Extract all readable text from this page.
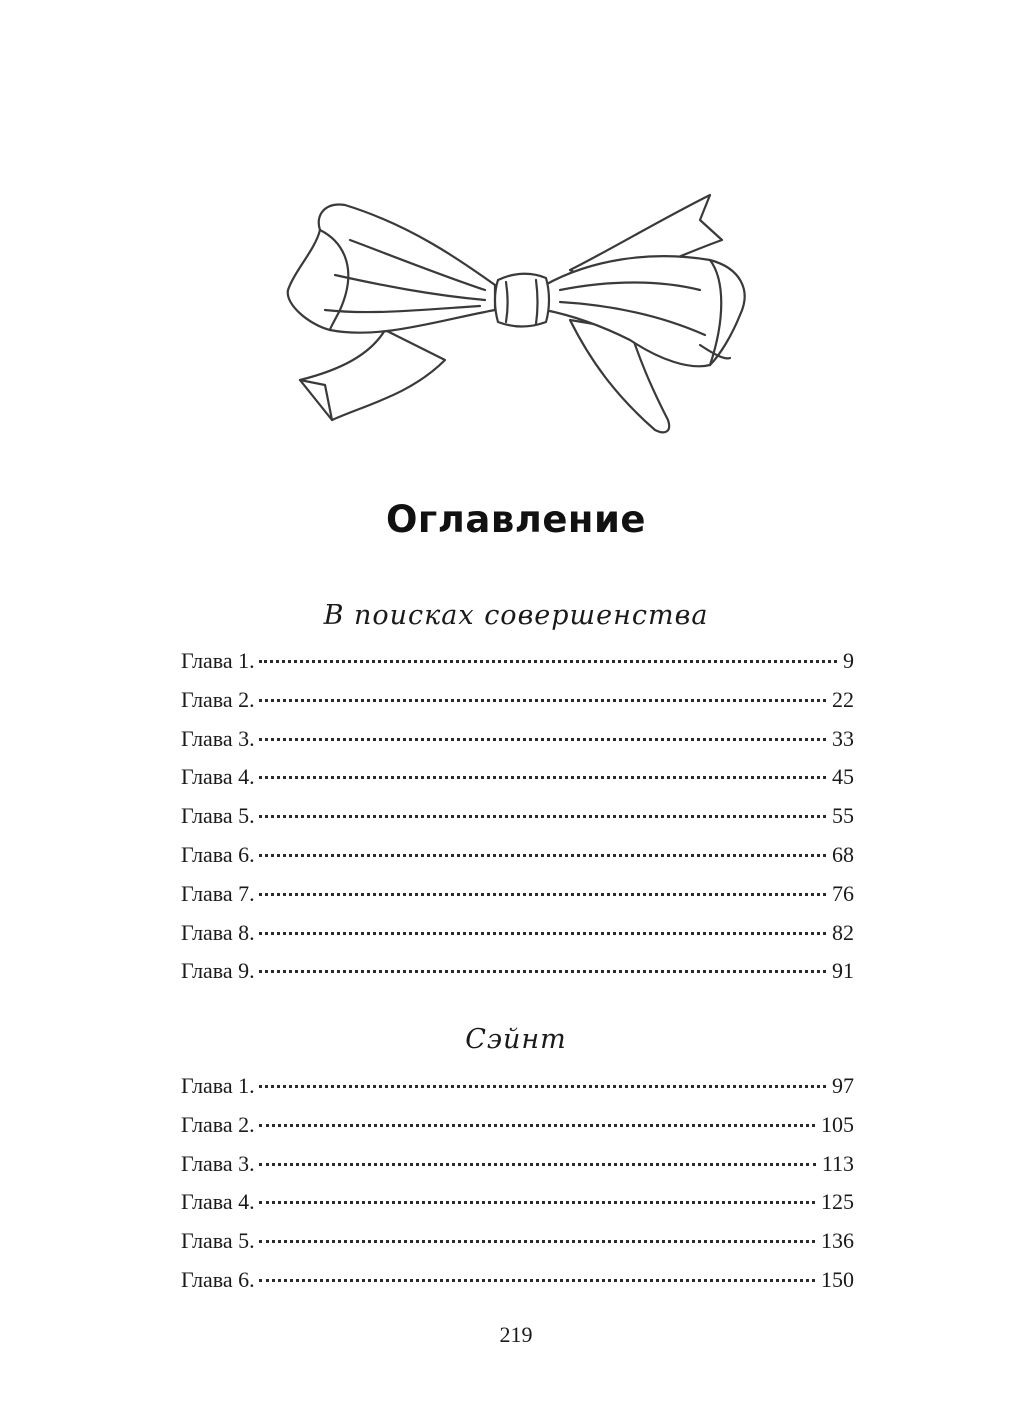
Оглавление
В поисках совершенства
Глава 1.	9
Глава 2.	22
Глава 3.	33
Глава 4.	45
Глава 5.	55
Глава 6.	68
Глава 7.	76
Глава 8.	82
Глава 9.	91
Сэйнт
Глава 1.	97
Глава 2.	105
Глава 3.	113
Глава 4.	125
Глава 5.	136
Глава 6.	150
219
